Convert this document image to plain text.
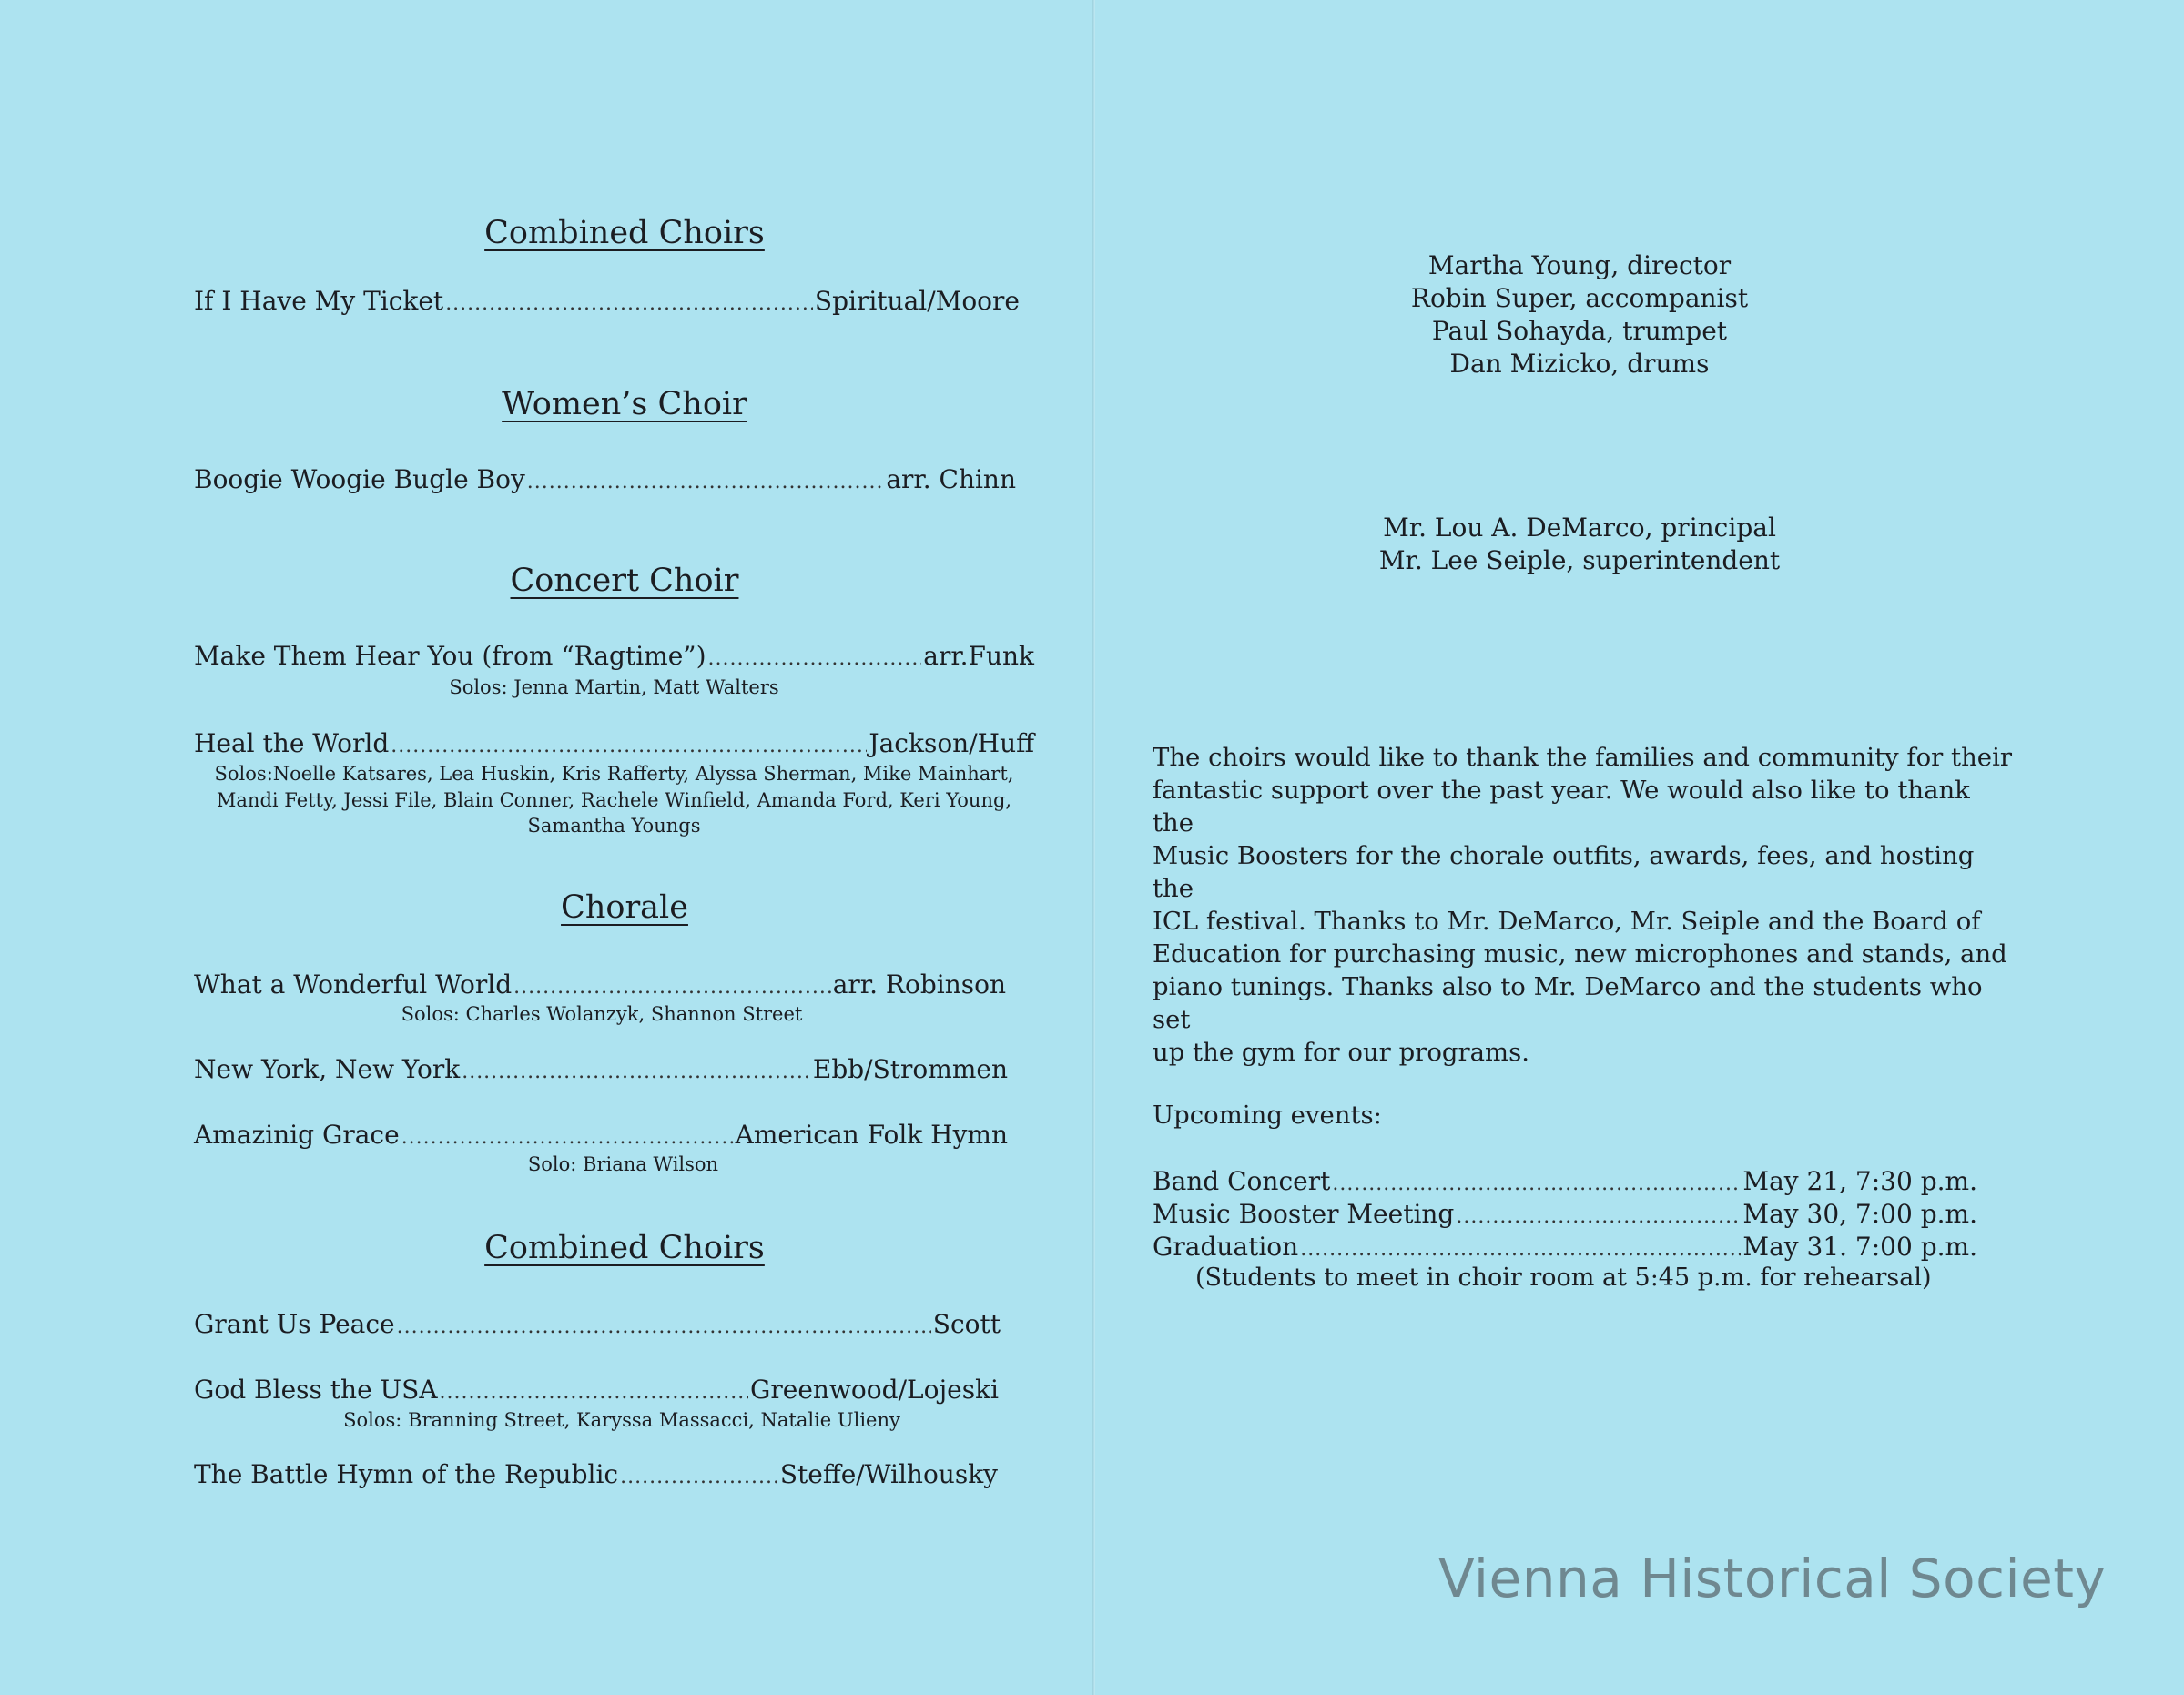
Combined Choirs
If I Have My Ticket .....	Spiritual/Moore
Women’s Choir
Boogie Woogie Bugle Boy .....	arr. Chinn
Concert Choir
Make Them Hear You (from “Ragtime”) .....	arr.Funk
Solos: Jenna Martin, Matt Walters
Heal the World .....	Jackson/Huff
Solos:Noelle Katsares, Lea Huskin, Kris Rafferty, Alyssa Sherman, Mike Mainhart,
Mandi Fetty, Jessi File, Blain Conner, Rachele Winfield, Amanda Ford, Keri Young,
Samantha Youngs
Chorale
What a Wonderful World .....	arr. Robinson
Solos: Charles Wolanzyk, Shannon Street
New York, New York .....	Ebb/Strommen
Amazinig Grace .....	American Folk Hymn
Solo: Briana Wilson
Combined Choirs
Grant Us Peace .....	Scott
God Bless the USA .....	Greenwood/Lojeski
Solos: Branning Street, Karyssa Massacci, Natalie Ulieny
The Battle Hymn of the Republic .....	Steffe/Wilhousky
Martha Young, director
Robin Super, accompanist
Paul Sohayda, trumpet
Dan Mizicko, drums
Mr. Lou A. DeMarco, principal
Mr. Lee Seiple, superintendent
The choirs would like to thank the families and community for their
fantastic support over the past year. We would also like to thank the
Music Boosters for the chorale outfits, awards, fees, and hosting the
ICL festival. Thanks to Mr. DeMarco, Mr. Seiple and the Board of
Education for purchasing music, new microphones and stands, and
piano tunings. Thanks also to Mr. DeMarco and the students who set
up the gym for our programs.
Upcoming events:
Band Concert .....	May 21, 7:30 p.m.
Music Booster Meeting .....	May 30, 7:00 p.m.
Graduation .....	May 31. 7:00 p.m.
(Students to meet in choir room at 5:45 p.m. for rehearsal)
Vienna Historical Society
